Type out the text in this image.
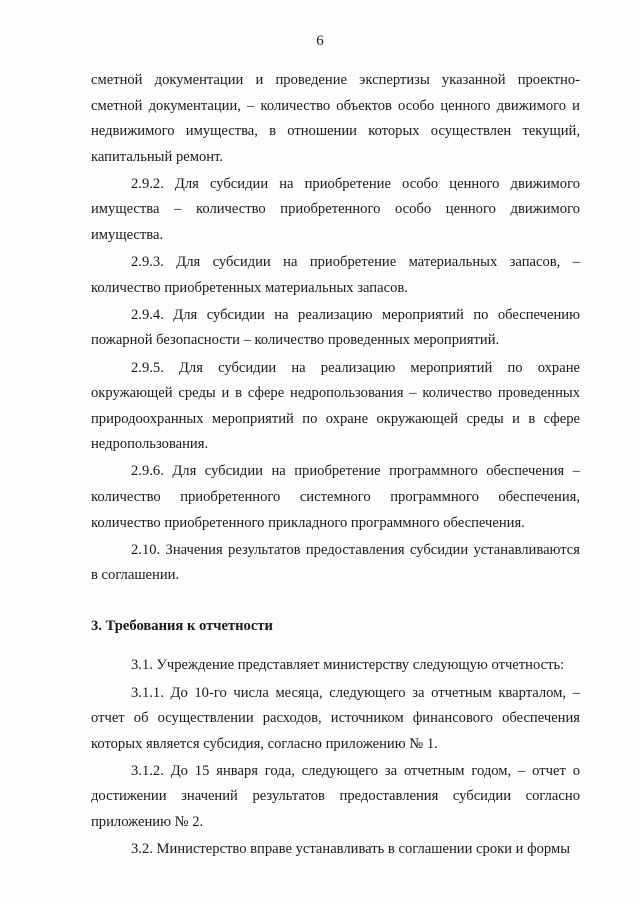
6

сметной документации и проведение экспертизы указанной проектно-сметной документации, – количество объектов особо ценного движимого и недвижимого имущества, в отношении которых осуществлен текущий, капитальный ремонт.

2.9.2. Для субсидии на приобретение особо ценного движимого имущества – количество приобретенного особо ценного движимого имущества.

2.9.3. Для субсидии на приобретение материальных запасов, – количество приобретенных материальных запасов.

2.9.4. Для субсидии на реализацию мероприятий по обеспечению пожарной безопасности – количество проведенных мероприятий.

2.9.5. Для субсидии на реализацию мероприятий по охране окружающей среды и в сфере недропользования – количество проведенных природоохранных мероприятий по охране окружающей среды и в сфере недропользования.

2.9.6. Для субсидии на приобретение программного обеспечения – количество приобретенного системного программного обеспечения, количество приобретенного прикладного программного обеспечения.

2.10. Значения результатов предоставления субсидии устанавливаются в соглашении.

3. Требования к отчетности

3.1. Учреждение представляет министерству следующую отчетность:

3.1.1. До 10-го числа месяца, следующего за отчетным кварталом, – отчет об осуществлении расходов, источником финансового обеспечения которых является субсидия, согласно приложению № 1.

3.1.2. До 15 января года, следующего за отчетным годом, – отчет о достижении значений результатов предоставления субсидии согласно приложению № 2.

3.2. Министерство вправе устанавливать в соглашении сроки и формы
